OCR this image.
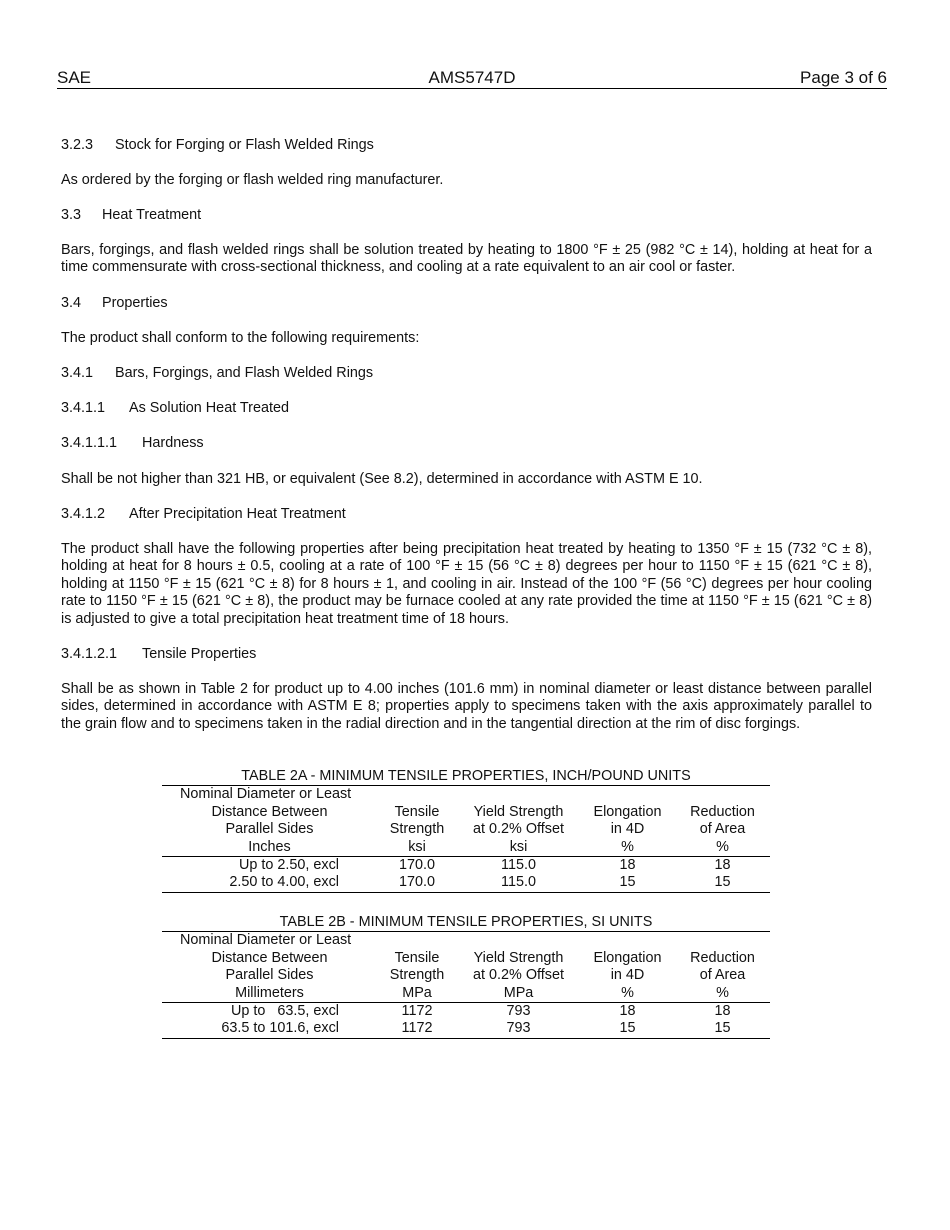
SAE	AMS5747D	Page 3 of 6
3.2.3 Stock for Forging or Flash Welded Rings
As ordered by the forging or flash welded ring manufacturer.
3.3 Heat Treatment
Bars, forgings, and flash welded rings shall be solution treated by heating to 1800 °F ± 25 (982 °C ± 14), holding at heat for a time commensurate with cross-sectional thickness, and cooling at a rate equivalent to an air cool or faster.
3.4 Properties
The product shall conform to the following requirements:
3.4.1 Bars, Forgings, and Flash Welded Rings
3.4.1.1 As Solution Heat Treated
3.4.1.1.1 Hardness
Shall be not higher than 321 HB, or equivalent (See 8.2), determined in accordance with ASTM E 10.
3.4.1.2 After Precipitation Heat Treatment
The product shall have the following properties after being precipitation heat treated by heating to 1350 °F ± 15 (732 °C ± 8), holding at heat for 8 hours ± 0.5, cooling at a rate of 100 °F ± 15 (56 °C ± 8) degrees per hour to 1150 °F ± 15 (621 °C ± 8), holding at 1150 °F ± 15 (621 °C ± 8) for 8 hours ± 1, and cooling in air. Instead of the 100 °F (56 °C) degrees per hour cooling rate to 1150 °F ± 15 (621 °C ± 8), the product may be furnace cooled at any rate provided the time at 1150 °F ± 15 (621 °C ± 8) is adjusted to give a total precipitation heat treatment time of 18 hours.
3.4.1.2.1 Tensile Properties
Shall be as shown in Table 2 for product up to 4.00 inches (101.6 mm) in nominal diameter or least distance between parallel sides, determined in accordance with ASTM E 8; properties apply to specimens taken with the axis approximately parallel to the grain flow and to specimens taken in the radial direction and in the tangential direction at the rim of disc forgings.
TABLE 2A - MINIMUM TENSILE PROPERTIES, INCH/POUND UNITS
Nominal Diameter or Least				
Distance Between	Tensile	Yield Strength	Elongation	Reduction
Parallel Sides	Strength	at 0.2% Offset	in 4D	of Area
Inches	ksi	ksi	%	%
Up to 2.50, excl	170.0	115.0	18	18
2.50 to 4.00, excl	170.0	115.0	15	15
TABLE 2B - MINIMUM TENSILE PROPERTIES, SI UNITS
Nominal Diameter or Least				
Distance Between	Tensile	Yield Strength	Elongation	Reduction
Parallel Sides	Strength	at 0.2% Offset	in 4D	of Area
Millimeters	MPa	MPa	%	%
Up to   63.5, excl	1172	793	18	18
63.5 to 101.6, excl	1172	793	15	15
